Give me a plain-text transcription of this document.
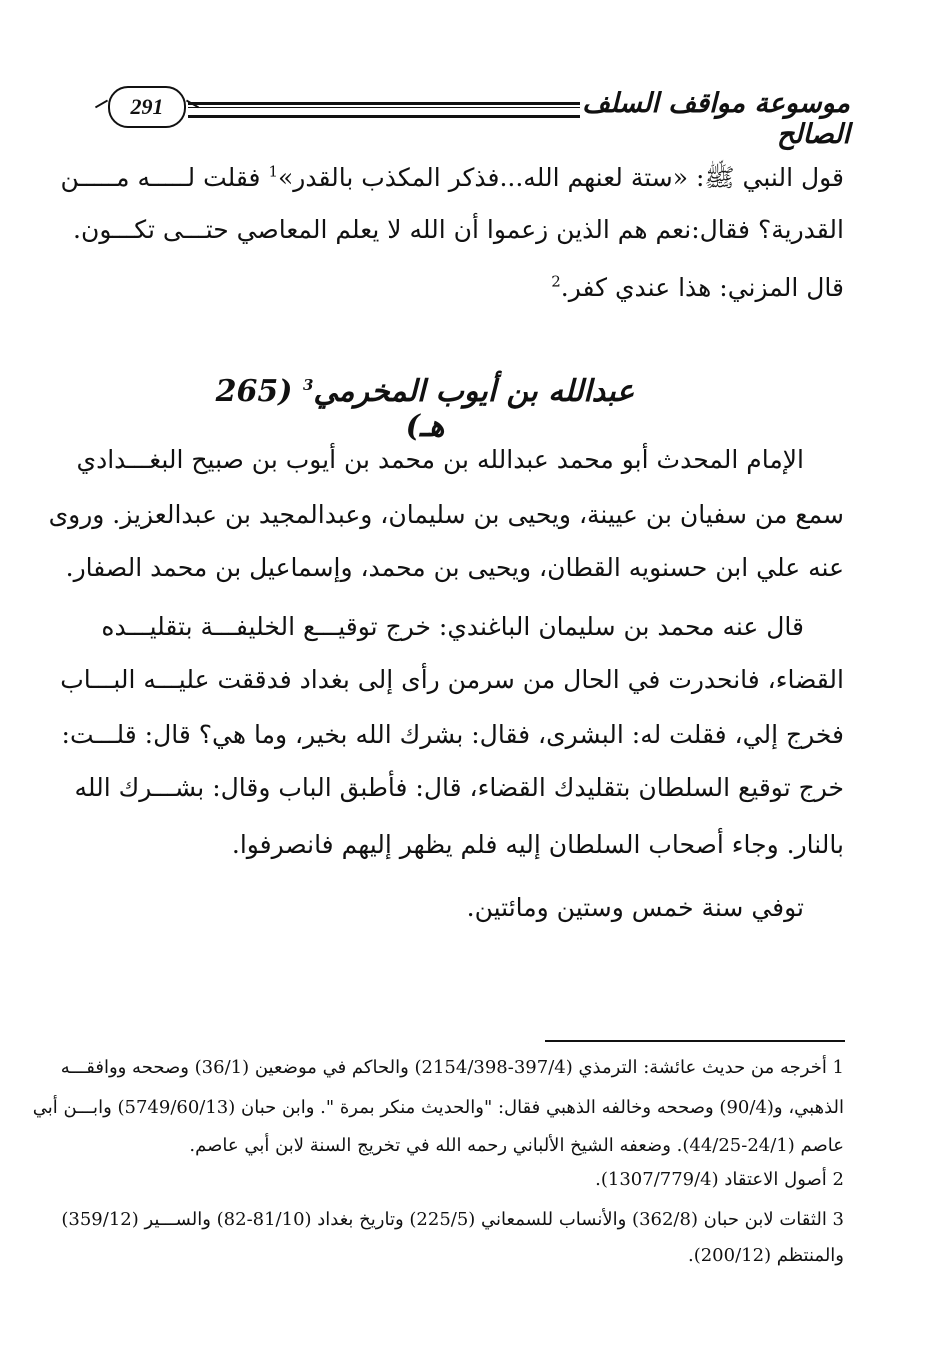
291	موسوعة مواقف السلف الصالح
قول النبي ﷺ: «ستة لعنهم الله...فذكر المكذب بالقدر»$^1$ فقلت لـــــه مـــــن
القدرية؟ فقال:نعم هم الذين زعموا أن الله لا يعلم المعاصي حتـــى تكـــون.
قال المزني: هذا عندي كفر.$^2$
عبدالله بن أيوب المخرمي$^3$ (265 هـ)
الإمام المحدث أبو محمد عبدالله بن محمد بن أيوب بن صبيح البغـــدادي
سمع من سفيان بن عيينة، ويحيى بن سليمان، وعبدالمجيد بن عبدالعزيز. وروى
عنه علي ابن حسنويه القطان، ويحيى بن محمد، وإسماعيل بن محمد الصفار.
قال عنه محمد بن سليمان الباغندي: خرج توقيـــع الخليفـــة بتقليـــده
القضاء، فانحدرت في الحال من سرمن رأى إلى بغداد فدققت عليـــه البـــاب
فخرج إلي، فقلت له: البشرى، فقال: بشرك الله بخير، وما هي؟ قال: قلـــت:
خرج توقيع السلطان بتقليدك القضاء، قال: فأطبق الباب وقال: بشـــرك الله
بالنار. وجاء أصحاب السلطان إليه فلم يظهر إليهم فانصرفوا.
توفي سنة خمس وستين ومائتين.
1 أخرجه من حديث عائشة: الترمذي (397/4-2154/398) والحاكم في موضعين (36/1) وصححه ووافقـــه
الذهبي، و(90/4) وصححه وخالفه الذهبي فقال: "والحديث منكر بمرة ". وابن حبان (5749/60/13) وابـــن أبي
عاصم (24/1-44/25). وضعفه الشيخ الألباني رحمه الله في تخريج السنة لابن أبي عاصم.
2 أصول الاعتقاد (1307/779/4).
3 الثقات لابن حبان (362/8) والأنساب للسمعاني (225/5) وتاريخ بغداد (81/10-82) والســـير (359/12)
والمنتظم (200/12).
